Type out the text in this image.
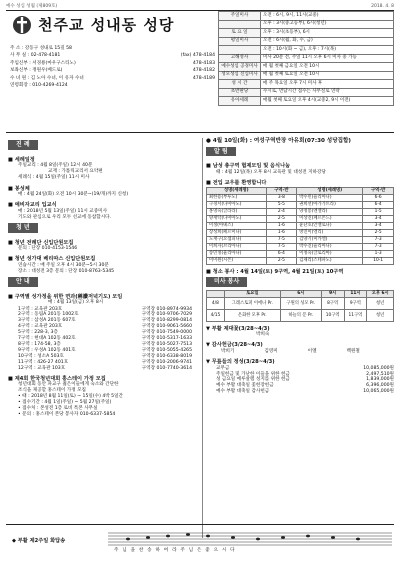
예수 성심 성월 (제809호)	2018. 4. 8
천주교 성내동 성당
주 소 : 강동구 성내로 15길 58
사 무 실 : 02-478-4181	(fax) 478-4184
주임신부 : 서경룡(마우구스티노)	478-4183
보좌신부 : 정원우(베드로)	478-4182
수 녀 원 : 김 노아 수녀, 이 유자 수녀	478-4189
연령회장 : 010-4269-4124
주일미사	오전 : 6시, 9시, 11시(교중)
	오후 : 3시(중고등부), 6시(청년)
토 요 일	오후 : 3시(초등부), 6시
평일미사	오전 : 6시(월, 화, 수, 금)
	오전 : 10시(화 ~ 금), 오후 : 7시(목)
고해성사	미사 20분 전, 주일 11시 오후 6시 미사 중 가능
예수성심 공경미사	매 월 첫째 금요일 오전 10시
성모성심 신심미사	매 월 첫째 토요일 오전 10시
성 시 간	매 주 목요일 오후 7시 미사 후
초반판당	수시로, 면담시간 접수는 사무실로 연락
유아세례	매월 첫째 토요일 오후 4시(교중2, 9시 이전)
진 례
■ 세례일정
주일교리 : 4월 8일(주일) 12시 40분
교재 : 가톨릭교리서 요약편
세례식 : 4월 15일(주일) 11시 미사
■ 봉성체
매 : 4월 24일(화) 오전 10시 30분~(19/개)까지 신청)
■ 예비자교리 입교식
매 : 2018년 5월 13일(주일) 11시 교중미사
기도와 관심으로 우리 모두 선교에 동참합시다.
청 년
■ 청년 전례단 신입단원모집
문의 : 단장 010-4153-1546
■ 청년 성가대 베리따스 신입단원모집
연습시간 : 매 주일 오후 4시 30분~5시 30분
장소 : 대성전 3층 문의 : 단장 010-8763-5345
안 내
■ 구역별 성가정을 위한 면과(稱讚저녁기도) 모임
매 : 4월 13일(금) 오후 8시
1구역 : 교육관 203호	구역장 010-8974-9934
2구역 : 동림A 201동 1002호	구역장 010-9706-7029
3구역 : 삼성A 201동 607호	구역장 010-8299-0814
4구역 : 교육관 203호	구역장 010-9061-5660
5구역 : 228-3, 3층	구역장 010-7549-0000
7구역 : 현대A 102동 402호	구역장 010-5317-1633
8구역 : 174-58, 3층	구역장 010-5027-7513
9구역 : 우성A 102동 401호	구역장 010-5055-4265
10구역 : 성소A 503호	구역장 010-6338-8019
11구역 : 426-27 401호	구역장 010-2006-9741
12구역 : 교육관 103호	구역장 010-7740-3614
■ 제4회 한국청년대회 홍스테이 가정 모집
청년대회 동안 파교구 젊은이들에게 숙소와 간단한
조식을 제공할 홍스테이 가정 모집
• 때 : 2018년 8월 11일(토) ~ 15일(수) 4박 5일간
• 접수기간 : 4월 1일(주일) ~ 5월 27일(주일)
• 접수처 : 본성전 1층 로비 특본 사무실
• 문의 : 홍스테이 본당 봉사자 010-6337-5854
● 4월 10일(화) : 여성구역반장 아유회(07:30 성당집합)
알 림
■ 남성 총구역 협제모임 및 음식나눔
때 : 4월 12일(목) 오후 8시 교육관 및 대성전 지하강당
■ 전입 교우를 환영합니다
성명(세례명)	구역-반	성명(세례명)	구역-반
최한용(부루노)	3-8	박수민(율리아나)	6-6
구경서(다미아노)	5-5	권희선(아가가트라)	6-4
홍영숙(글라라)	2-4	양정봉(엔젤라)	1-5
양재탁(다미아노)	2-5	이상진(페르몬드)	3-4
이정(아녜스)	1-6	윤난호(안젤로나)	3-4
장성희(페르미나)	1-6	방진이(엘리)	2-5
노재구(요셉피나)	7-5	김양기(미카엘)	7-3
이희자(브리아나)	7-5	박수진(율리아나)	7-3
송민정(율리아나)	6-4	이정숙(글로리아)	1-3
이미원(시몬)	2-5	김채리(스테파노)	10-1
■ 청소 봉사 : 4월 14일(토) 9구역, 4월 21일(토) 10구역
미사 봉사
	토요일	6시	9시	11시	오후 6시
4/8	그레스토퍼 이에나 Pr.	구원의 성모 Pr.	8구역	9구역	청년
4/15	온화한 모후 Pr.	하늘의 문 Pr.	10구역	11구역	청년
▼ 부활 제대꽃(3/28~4/3)
박희숙
▼ 감사헌금(3/28~4/3)
박희기	김영미	이엘	백원철
▼ 무릎들의 정성(3/28~4/3)
교무금	10,085,000원
주일헌금 및 가난한 이들을 위한 헌금	2,497,510원
성 금요일 예루살렘 성지를 위한 헌금	1,839,000원
예수 부활 대축일 꽃헌장헌금	6,396,000원
예수 부활 대축일 감사헌금	10,065,000원
◆ 부활 제2주일 화답송
주 님 을 찬 송 하 여 라 주 님 은 좋 으 시 다
